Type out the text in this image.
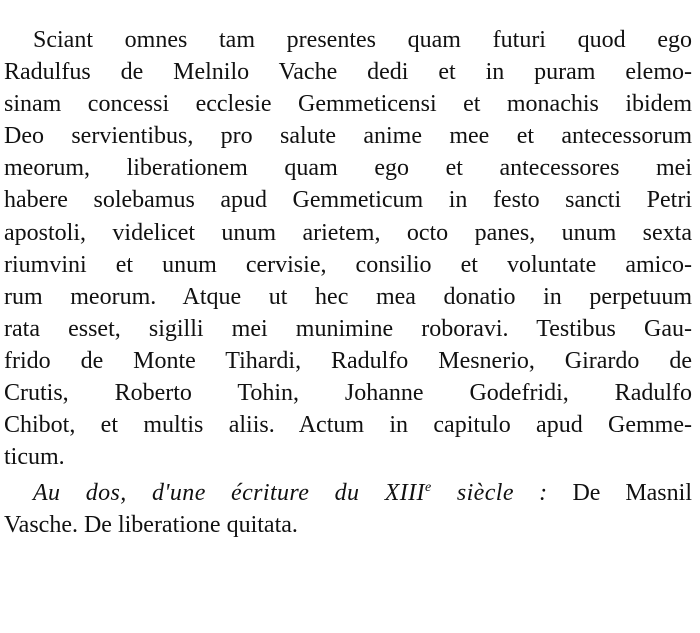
Sciant omnes tam presentes quam futuri quod ego
Radulfus de Melnilo Vache dedi et in puram elemo-
sinam concessi ecclesie Gemmeticensi et monachis ibidem
Deo servientibus, pro salute anime mee et antecessorum
meorum, liberationem quam ego et antecessores mei
habere solebamus apud Gemmeticum in festo sancti Petri
apostoli, videlicet unum arietem, octo panes, unum sexta
riumvini et unum cervisie, consilio et voluntate amico-
rum meorum. Atque ut hec mea donatio in perpetuum
rata esset, sigilli mei munimine roboravi. Testibus Gau-
frido de Monte Tihardi, Radulfo Mesnerio, Girardo de
Crutis, Roberto Tohin, Johanne Godefridi, Radulfo
Chibot, et multis aliis. Actum in capitulo apud Gemme-
ticum.
Au dos, d'une écriture du XIIIe siècle : De Masnil
Vasche. De liberatione quitata.
